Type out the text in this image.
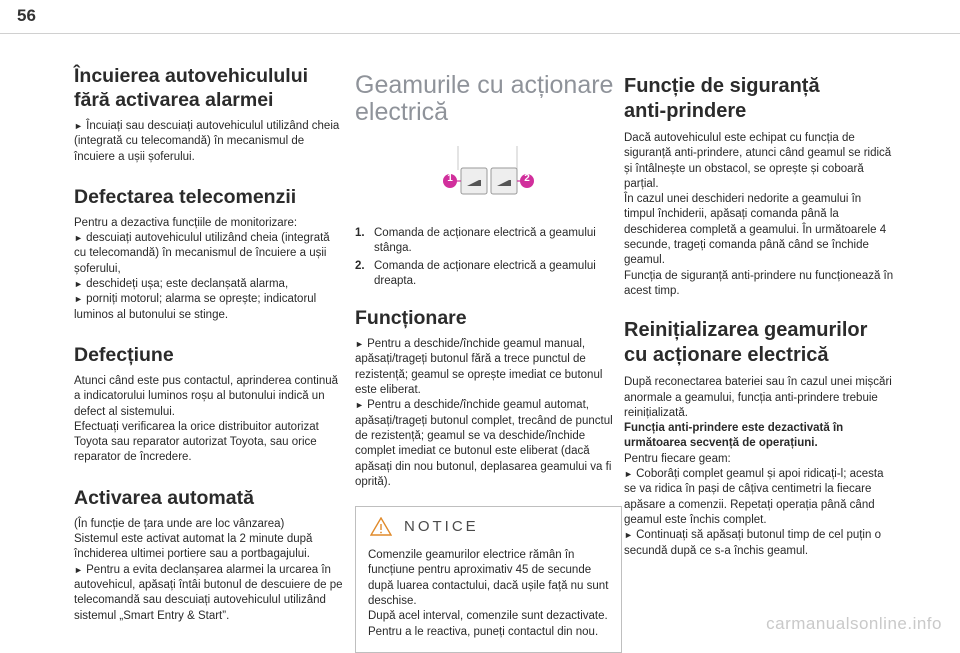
56
Încuierea autovehiculului
fără activarea alarmei

► Încuiați sau descuiați autovehiculul utilizând cheia (integrată cu telecomandă) în mecanismul de încuiere a ușii șoferului.

Defectarea telecomenzii

Pentru a dezactiva funcțiile de monitorizare:
► descuiați autovehiculul utilizând cheia (integrată cu telecomandă) în mecanismul de încuiere a ușii șoferului,
► deschideți ușa; este declanșată alarma,
► porniți motorul; alarma se oprește; indicatorul luminos al butonului se stinge.

Defecțiune

Atunci când este pus contactul, aprinderea continuă a indicatorului luminos roșu al butonului indică un defect al sistemului.
Efectuați verificarea la orice distribuitor autorizat Toyota sau reparator autorizat Toyota, sau orice reparator de încredere.

Activarea automată

(În funcție de țara unde are loc vânzarea)
Sistemul este activat automat la 2 minute după închiderea ultimei portiere sau a portbagajului.
► Pentru a evita declanșarea alarmei la urcarea în autovehicul, apăsați întâi butonul de descuiere de pe telecomandă sau descuiați autovehiculul utilizând sistemul „Smart Entry & Start”.

Geamurile cu acționare
electrică
1	2
1. Comanda de acționare electrică a geamului stânga.
2. Comanda de acționare electrică a geamului dreapta.
Funcționare

► Pentru a deschide/închide geamul manual, apăsați/trageți butonul fără a trece punctul de rezistență; geamul se oprește imediat ce butonul este eliberat.
► Pentru a deschide/închide geamul automat, apăsați/trageți butonul complet, trecând de punctul de rezistență; geamul se va deschide/închide complet imediat ce butonul este eliberat (dacă apăsați din nou butonul, deplasarea geamului va fi oprită).

NOTICE

Comenzile geamurilor electrice rămân în funcțiune pentru aproximativ 45 de secunde după luarea contactului, dacă ușile față nu sunt deschise.
După acel interval, comenzile sunt dezactivate. Pentru a le reactiva, puneți contactul din nou.

Funcție de siguranță
anti-prindere

Dacă autovehiculul este echipat cu funcția de siguranță anti-prindere, atunci când geamul se ridică și întâlnește un obstacol, se oprește și coboară parțial.
În cazul unei deschideri nedorite a geamului în timpul închiderii, apăsați comanda până la deschiderea completă a geamului. În următoarele 4 secunde, trageți comanda până când se închide geamul.
Funcția de siguranță anti-prindere nu funcționează în acest timp.

Reinițializarea geamurilor
cu acționare electrică

După reconectarea bateriei sau în cazul unei mișcări anormale a geamului, funcția anti-prindere trebuie reinițializată.
Funcția anti-prindere este dezactivată în următoarea secvență de operațiuni.
Pentru fiecare geam:
► Coborâți complet geamul și apoi ridicați-l; acesta se va ridica în pași de câțiva centimetri la fiecare apăsare a comenzii. Repetați operația până când geamul este închis complet.
► Continuați să apăsați butonul timp de cel puțin o secundă după ce s-a închis geamul.

carmanualsonline.info
